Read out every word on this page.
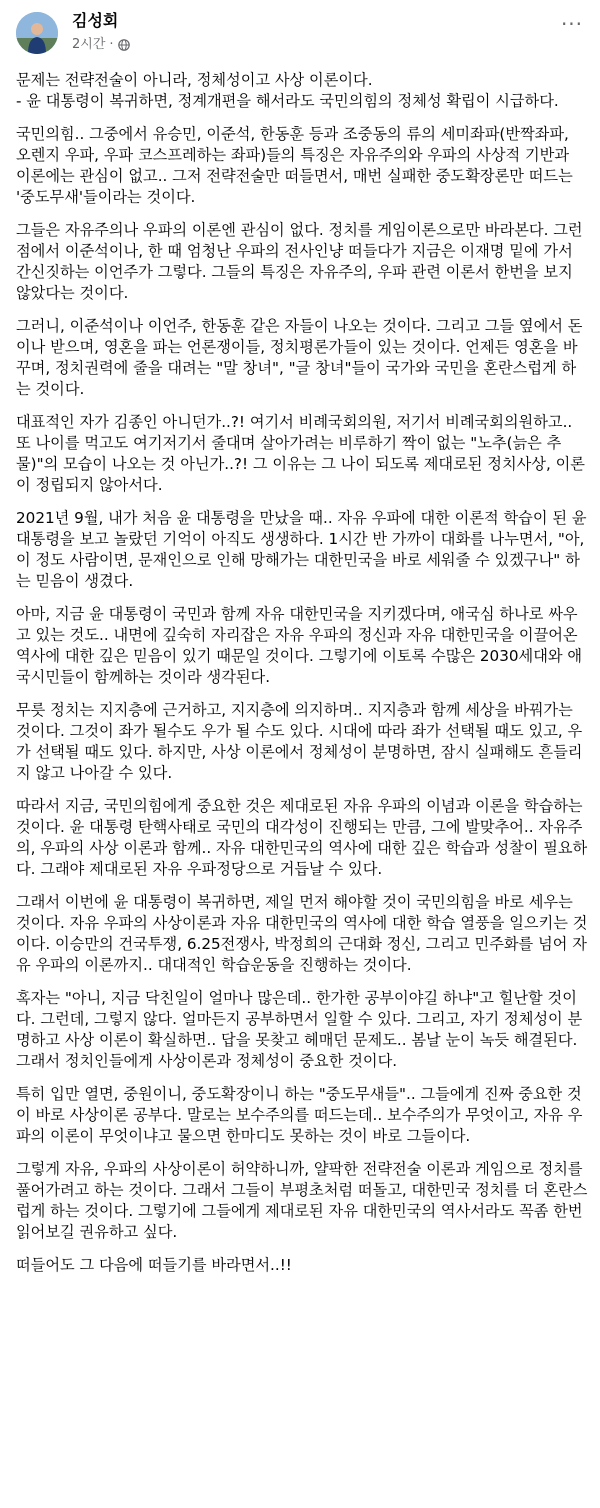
김성회
2시간 ·
···

문제는 전략전술이 아니라, 정체성이고 사상 이론이다.
- 윤 대통령이 복귀하면, 정계개편을 해서라도 국민의힘의 정체성 확립이 시급하다.

국민의힘.. 그중에서 유승민, 이준석, 한동훈 등과 조중동의 류의 세미좌파(반짝좌파, 오렌지 우파, 우파 코스프레하는 좌파)들의 특징은 자유주의와 우파의 사상적 기반과 이론에는 관심이 없고.. 그저 전략전술만 떠들면서, 매번 실패한 중도확장론만 떠드는 '중도무새'들이라는 것이다.

그들은 자유주의나 우파의 이론엔 관심이 없다. 정치를 게임이론으로만 바라본다. 그런 점에서 이준석이나, 한 때 엄청난 우파의 전사인냥 떠들다가 지금은 이재명 밑에 가서 간신짓하는 이언주가 그렇다. 그들의 특징은 자유주의, 우파 관련 이론서 한번을 보지 않았다는 것이다.

그러니, 이준석이나 이언주, 한동훈 같은 자들이 나오는 것이다. 그리고 그들 옆에서 돈이나 받으며, 영혼을 파는 언론쟁이들, 정치평론가들이 있는 것이다. 언제든 영혼을 바꾸며, 정치권력에 줄을 대려는 "말 창녀", "글 창녀"들이 국가와 국민을 혼란스럽게 하는 것이다.

대표적인 자가 김종인 아니던가..?! 여기서 비례국회의원, 저기서 비례국회의원하고.. 또 나이를 먹고도 여기저기서 줄대며 살아가려는 비루하기 짝이 없는 "노추(늙은 추물)"의 모습이 나오는 것 아닌가..?! 그 이유는 그 나이 되도록 제대로된 정치사상, 이론이 정립되지 않아서다.

2021년 9월, 내가 처음 윤 대통령을 만났을 때.. 자유 우파에 대한 이론적 학습이 된 윤 대통령을 보고 놀랐던 기억이 아직도 생생하다. 1시간 반 가까이 대화를 나누면서, "아, 이 정도 사람이면, 문재인으로 인해 망해가는 대한민국을 바로 세워줄 수 있겠구나" 하는 믿음이 생겼다.

아마, 지금 윤 대통령이 국민과 함께 자유 대한민국을 지키겠다며, 애국심 하나로 싸우고 있는 것도.. 내면에 깊숙히 자리잡은 자유 우파의 정신과 자유 대한민국을 이끌어온 역사에 대한 깊은 믿음이 있기 때문일 것이다. 그렇기에 이토록 수많은 2030세대와 애국시민들이 함께하는 것이라 생각된다.

무릇 정치는 지지층에 근거하고, 지지층에 의지하며.. 지지층과 함께 세상을 바꿔가는 것이다. 그것이 좌가 될수도 우가 될 수도 있다. 시대에 따라 좌가 선택될 때도 있고, 우가 선택될 때도 있다. 하지만, 사상 이론에서 정체성이 분명하면, 잠시 실패해도 흔들리지 않고 나아갈 수 있다.

따라서 지금, 국민의힘에게 중요한 것은 제대로된 자유 우파의 이념과 이론을 학습하는 것이다. 윤 대통령 탄핵사태로 국민의 대각성이 진행되는 만큼, 그에 발맞추어.. 자유주의, 우파의 사상 이론과 함께.. 자유 대한민국의 역사에 대한 깊은 학습과 성찰이 필요하다. 그래야 제대로된 자유 우파정당으로 거듭날 수 있다.

그래서 이번에 윤 대통령이 복귀하면, 제일 먼저 해야할 것이 국민의힘을 바로 세우는 것이다. 자유 우파의 사상이론과 자유 대한민국의 역사에 대한 학습 열풍을 일으키는 것이다. 이승만의 건국투쟁, 6.25전쟁사, 박정희의 근대화 정신, 그리고 민주화를 넘어 자유 우파의 이론까지.. 대대적인 학습운동을 진행하는 것이다.

혹자는 "아니, 지금 닥친일이 얼마나 많은데.. 한가한 공부이야길 하냐"고 힐난할 것이다. 그런데, 그렇지 않다. 얼마든지 공부하면서 일할 수 있다. 그리고, 자기 정체성이 분명하고 사상 이론이 확실하면.. 답을 못찾고 헤매던 문제도.. 봄날 눈이 녹듯 해결된다. 그래서 정치인들에게 사상이론과 정체성이 중요한 것이다.

특히 입만 열면, 중원이니, 중도확장이니 하는 "중도무새들".. 그들에게 진짜 중요한 것이 바로 사상이론 공부다. 말로는 보수주의를 떠드는데.. 보수주의가 무엇이고, 자유 우파의 이론이 무엇이냐고 물으면 한마디도 못하는 것이 바로 그들이다.

그렇게 자유, 우파의 사상이론이 허약하니까, 얄팍한 전략전술 이론과 게임으로 정치를 풀어가려고 하는 것이다. 그래서 그들이 부평초처럼 떠돌고, 대한민국 정치를 더 혼란스럽게 하는 것이다. 그렇기에 그들에게 제대로된 자유 대한민국의 역사서라도 꼭좀 한번 읽어보길 권유하고 싶다.

떠들어도 그 다음에 떠들기를 바라면서..!!
